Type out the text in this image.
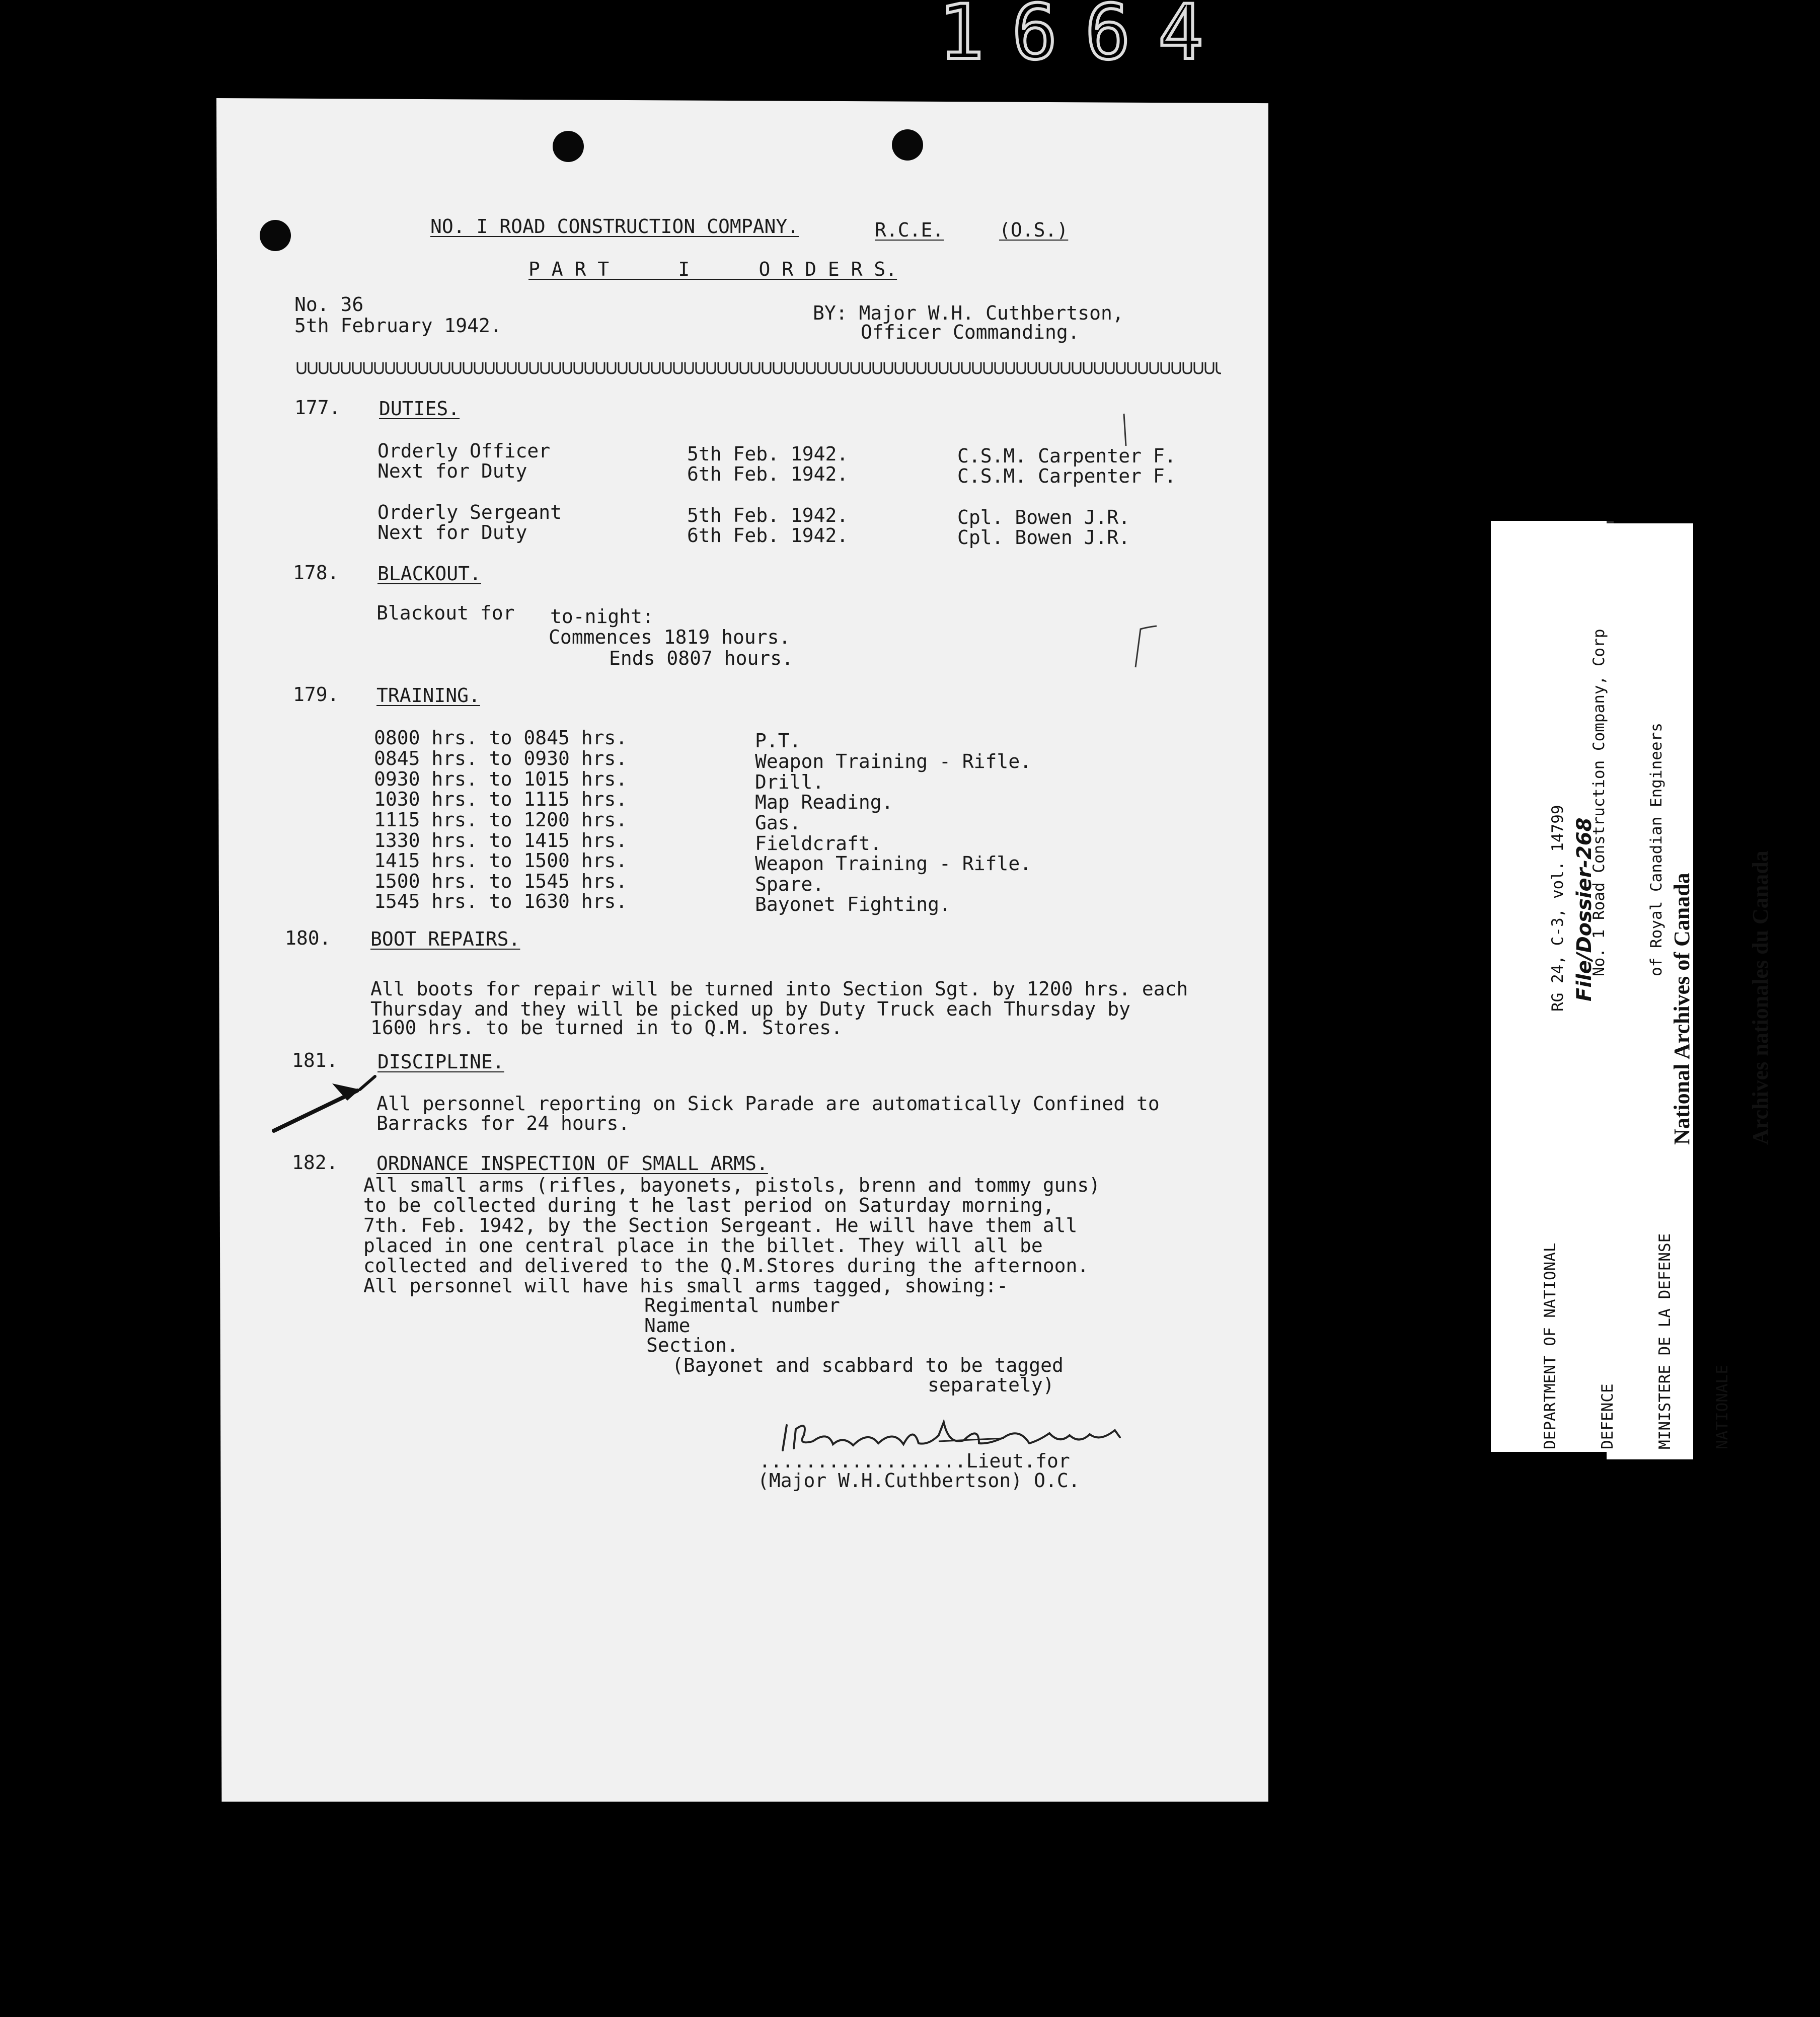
1664
NO. I ROAD CONSTRUCTION COMPANY.	R.C.E.	(O.S.)
P A R T      I      O R D E R S.
No. 36
5th February 1942.
BY: Major W.H. Cuthbertson,
Officer Commanding.
177. DUTIES.
Orderly Officer	5th Feb. 1942.	C.S.M. Carpenter F.
Next for Duty	6th Feb. 1942.	C.S.M. Carpenter F.
Orderly Sergeant	5th Feb. 1942.	Cpl. Bowen J.R.
Next for Duty	6th Feb. 1942.	Cpl. Bowen J.R.
178. BLACKOUT.
Blackout for to-night:
Commences 1819 hours.
Ends 0807 hours.
179. TRAINING.
0800 hrs. to 0845 hrs.	P.T.
0845 hrs. to 0930 hrs.	Weapon Training - Rifle.
0930 hrs. to 1015 hrs.	Drill.
1030 hrs. to 1115 hrs.	Map Reading.
1115 hrs. to 1200 hrs.	Gas.
1330 hrs. to 1415 hrs.	Fieldcraft.
1415 hrs. to 1500 hrs.	Weapon Training - Rifle.
1500 hrs. to 1545 hrs.	Spare.
1545 hrs. to 1630 hrs.	Bayonet Fighting.
180. BOOT REPAIRS.
All boots for repair will be turned into Section Sgt. by 1200 hrs. each
Thursday and they will be picked up by Duty Truck each Thursday by
1600 hrs. to be turned in to Q.M. Stores.
181. DISCIPLINE.
All personnel reporting on Sick Parade are automatically Confined to
Barracks for 24 hours.
182. ORDNANCE INSPECTION OF SMALL ARMS.
All small arms (rifles, bayonets, pistols, brenn and tommy guns)
to be collected during t he last period on Saturday morning,
7th. Feb. 1942, by the Section Sergeant. He will have them all
placed in one central place in the billet. They will all be
collected and delivered to the Q.M.Stores during the afternoon.
All personnel will have his small arms tagged, showing:-
Regimental number
Name
Section.
(Bayonet and scabbard to be tagged
separately)
..................Lieut.for
(Major W.H.Cuthbertson) O.C.

DEPARTMENT OF NATIONAL

	DEFENCE

	MINISTERE DE LA DEFENSE

	NATIONALE

RG 24, C-3, vol. 14799

File/Dossier-268

No. 1 Road Construction Company, Corp

	of Royal Canadian Engineers

National Archives of Canada

Archives nationales du Canada
